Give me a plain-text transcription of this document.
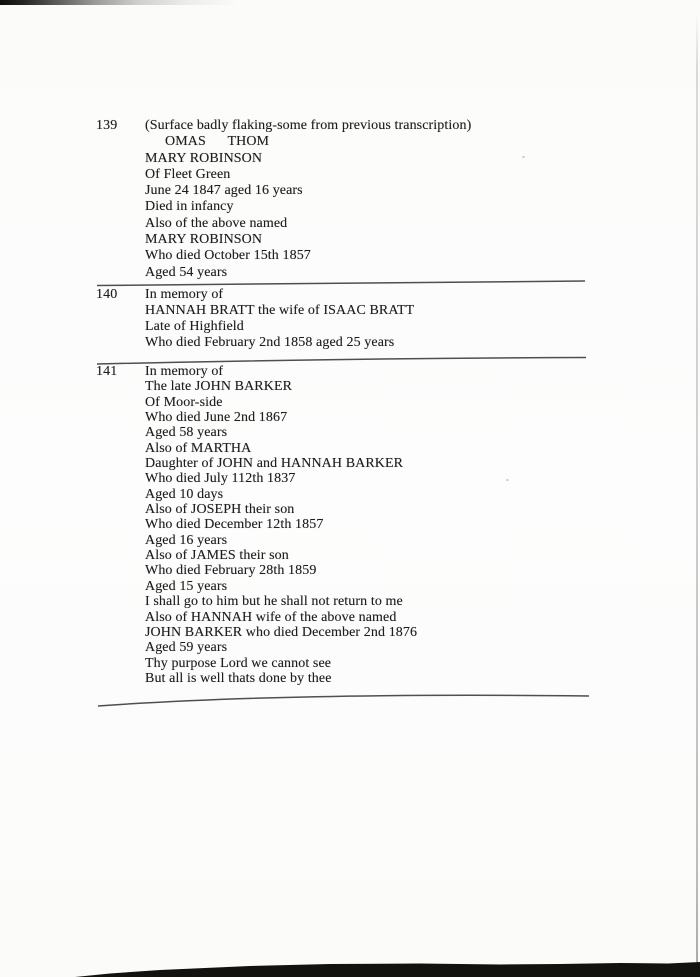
139 (Surface badly flaking-some from previous transcription)
OMAS      THOM
MARY ROBINSON
Of Fleet Green
June 24 1847 aged 16 years
Died in infancy
Also of the above named
MARY ROBINSON
Who died October 15th 1857
Aged 54 years
140 In memory of
HANNAH BRATT the wife of ISAAC BRATT
Late of Highfield
Who died February 2nd 1858 aged 25 years
141 In memory of
The late JOHN BARKER
Of Moor-side
Who died June 2nd 1867
Aged 58 years
Also of MARTHA
Daughter of JOHN and HANNAH BARKER
Who died July 112th 1837
Aged 10 days
Also of JOSEPH their son
Who died December 12th 1857
Aged 16 years
Also of JAMES their son
Who died February 28th 1859
Aged 15 years
I shall go to him but he shall not return to me
Also of HANNAH wife of the above named
JOHN BARKER who died December 2nd 1876
Aged 59 years
Thy purpose Lord we cannot see
But all is well thats done by thee
